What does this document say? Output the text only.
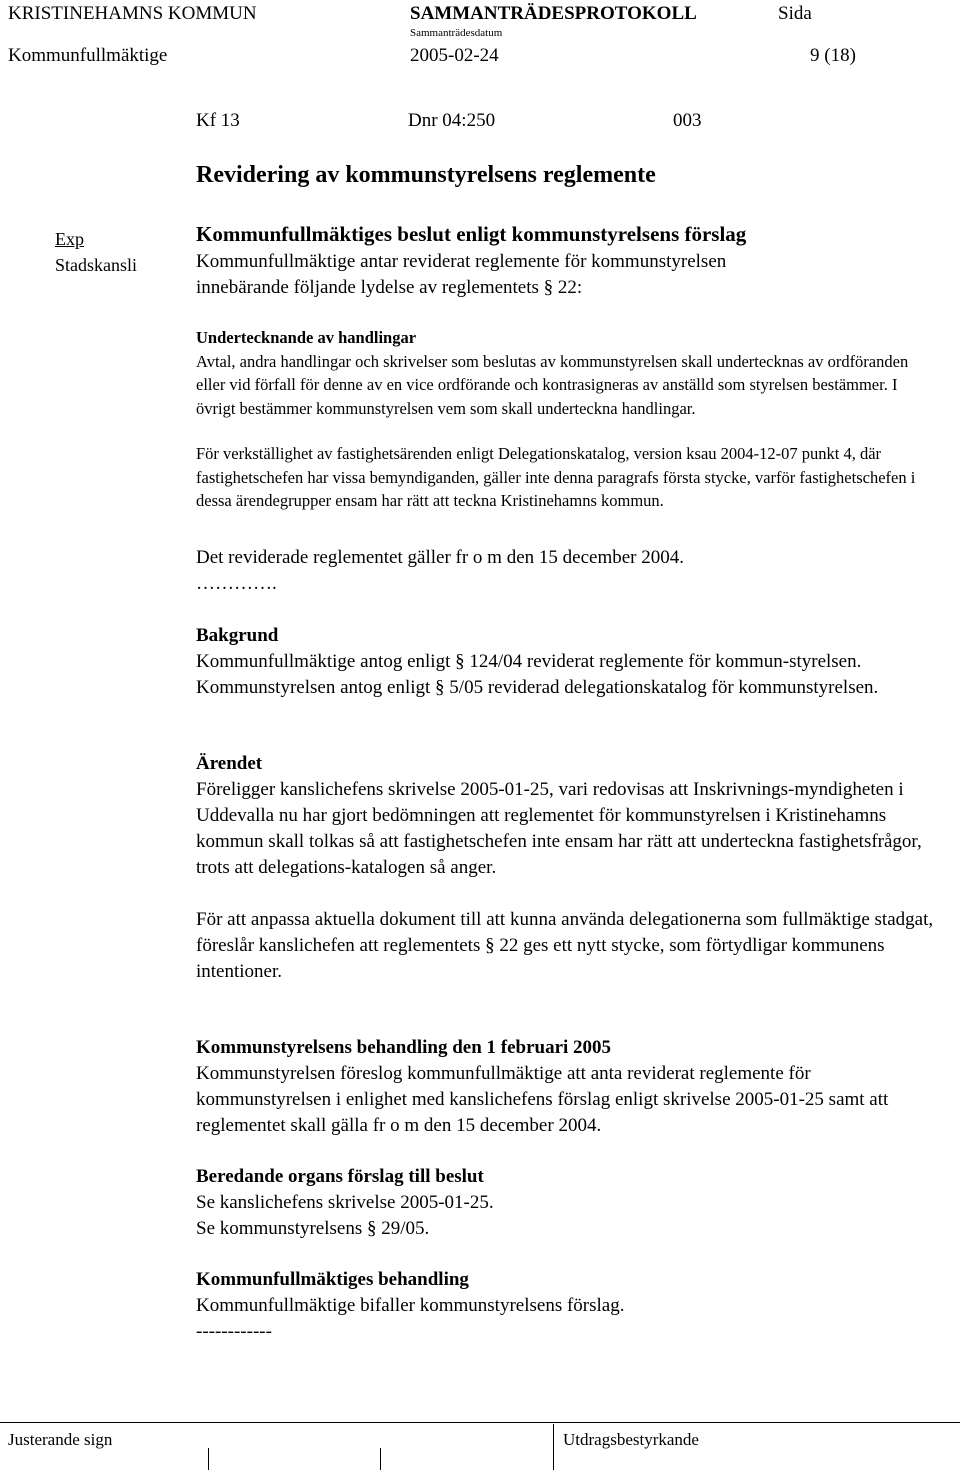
KRISTINEHAMNS KOMMUN	SAMMANTRÄDESPROTOKOLL	Sida
Sammanträdesdatum
Kommunfullmäktige	2005-02-24	9 (18)
Kf 13	Dnr 04:250	003
Revidering av kommunstyrelsens reglemente
Exp
Stadskansli
Kommunfullmäktiges beslut enligt kommunstyrelsens förslag
Kommunfullmäktige antar reviderat reglemente för kommunstyrelsen
innebärande följande lydelse av reglementets § 22:

Undertecknande av handlingar

Avtal, andra handlingar och skrivelser som beslutas av kommunstyrelsen skall undertecknas av ordföranden eller vid förfall för denne av en vice ordförande och kontrasigneras av anställd som styrelsen bestämmer. I övrigt bestämmer kommunstyrelsen vem som skall underteckna handlingar.

För verkställighet av fastighetsärenden enligt Delegationskatalog, version ksau 2004-12-07 punkt 4, där fastighetschefen har vissa bemyndiganden, gäller inte denna paragrafs första stycke, varför fastighetschefen i dessa ärendegrupper ensam har rätt att teckna Kristinehamns kommun.

Det reviderade reglementet gäller fr o m den 15 december 2004.
………….

Bakgrund

Kommunfullmäktige antog enligt § 124/04 reviderat reglemente för kommun-styrelsen. Kommunstyrelsen antog enligt § 5/05 reviderad delegationskatalog för kommunstyrelsen.

Ärendet

Föreligger kanslichefens skrivelse 2005-01-25, vari redovisas att Inskrivnings-myndigheten i Uddevalla nu har gjort bedömningen att reglementet för kommunstyrelsen i Kristinehamns kommun skall tolkas så att fastighetschefen inte ensam har rätt att underteckna fastighetsfrågor, trots att delegations-katalogen så anger.

För att anpassa aktuella dokument till att kunna använda delegationerna som fullmäktige stadgat, föreslår kanslichefen att reglementets § 22 ges ett nytt stycke, som förtydligar kommunens intentioner.

Kommunstyrelsens behandling den 1 februari 2005

Kommunstyrelsen föreslog kommunfullmäktige att anta reviderat reglemente för kommunstyrelsen i enlighet med kanslichefens förslag enligt skrivelse 2005-01-25 samt att reglementet skall gälla fr o m den 15 december 2004.

Beredande organs förslag till beslut

Se kanslichefens skrivelse 2005-01-25.

Se kommunstyrelsens § 29/05.

Kommunfullmäktiges behandling

Kommunfullmäktige bifaller kommunstyrelsens förslag.

------------

Justerande sign	Utdragsbestyrkande
